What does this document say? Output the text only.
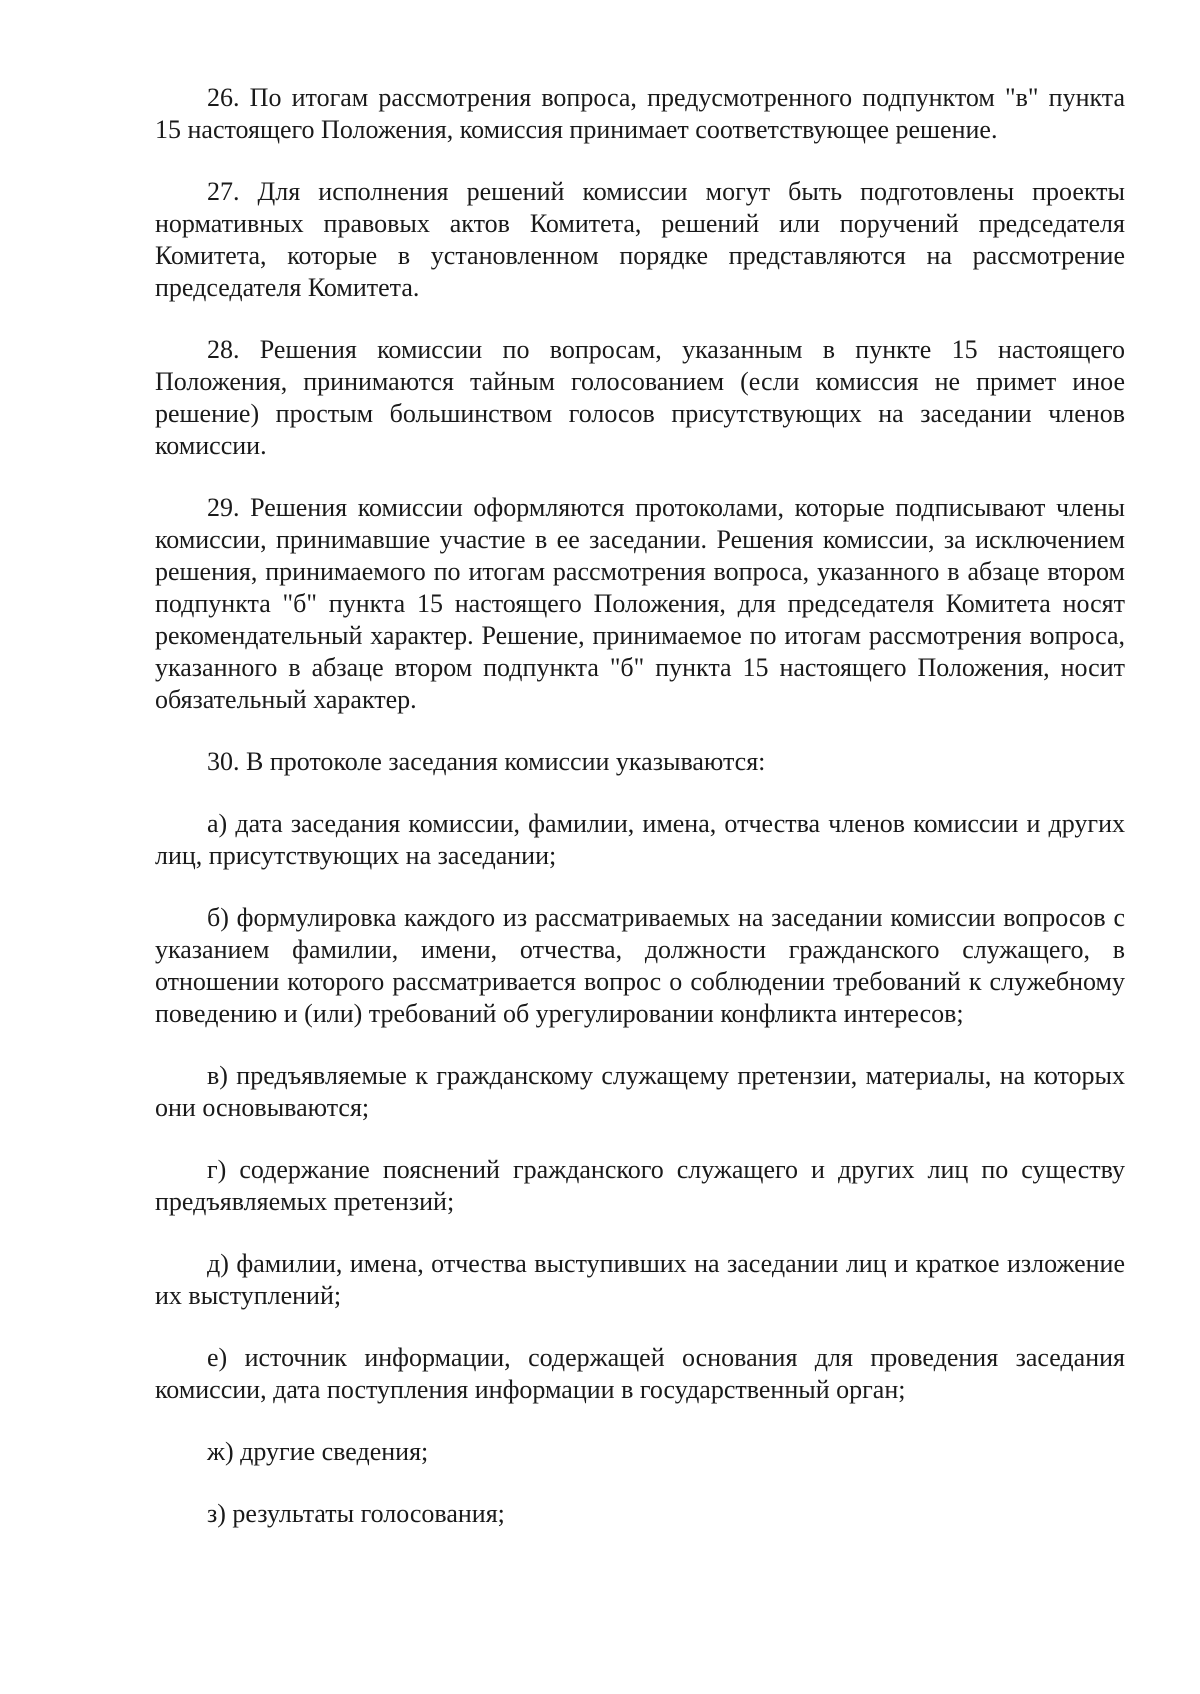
26. По итогам рассмотрения вопроса, предусмотренного подпунктом "в" пункта 15 настоящего Положения, комиссия принимает соответствующее решение.

27. Для исполнения решений комиссии могут быть подготовлены проекты нормативных правовых актов Комитета, решений или поручений председателя Комитета, которые в установленном порядке представляются на рассмотрение председателя Комитета.

28. Решения комиссии по вопросам, указанным в пункте 15 настоящего Положения, принимаются тайным голосованием (если комиссия не примет иное решение) простым большинством голосов присутствующих на заседании членов комиссии.

29. Решения комиссии оформляются протоколами, которые подписывают члены комиссии, принимавшие участие в ее заседании. Решения комиссии, за исключением решения, принимаемого по итогам рассмотрения вопроса, указанного в абзаце втором подпункта "б" пункта 15 настоящего Положения, для председателя Комитета носят рекомендательный характер. Решение, принимаемое по итогам рассмотрения вопроса, указанного в абзаце втором подпункта "б" пункта 15 настоящего Положения, носит обязательный характер.

30. В протоколе заседания комиссии указываются:

а) дата заседания комиссии, фамилии, имена, отчества членов комиссии и других лиц, присутствующих на заседании;

б) формулировка каждого из рассматриваемых на заседании комиссии вопросов с указанием фамилии, имени, отчества, должности гражданского служащего, в отношении которого рассматривается вопрос о соблюдении требований к служебному поведению и (или) требований об урегулировании конфликта интересов;

в) предъявляемые к гражданскому служащему претензии, материалы, на которых они основываются;

г) содержание пояснений гражданского служащего и других лиц по существу предъявляемых претензий;

д) фамилии, имена, отчества выступивших на заседании лиц и краткое изложение их выступлений;

е) источник информации, содержащей основания для проведения заседания комиссии, дата поступления информации в государственный орган;

ж) другие сведения;

з) результаты голосования;
